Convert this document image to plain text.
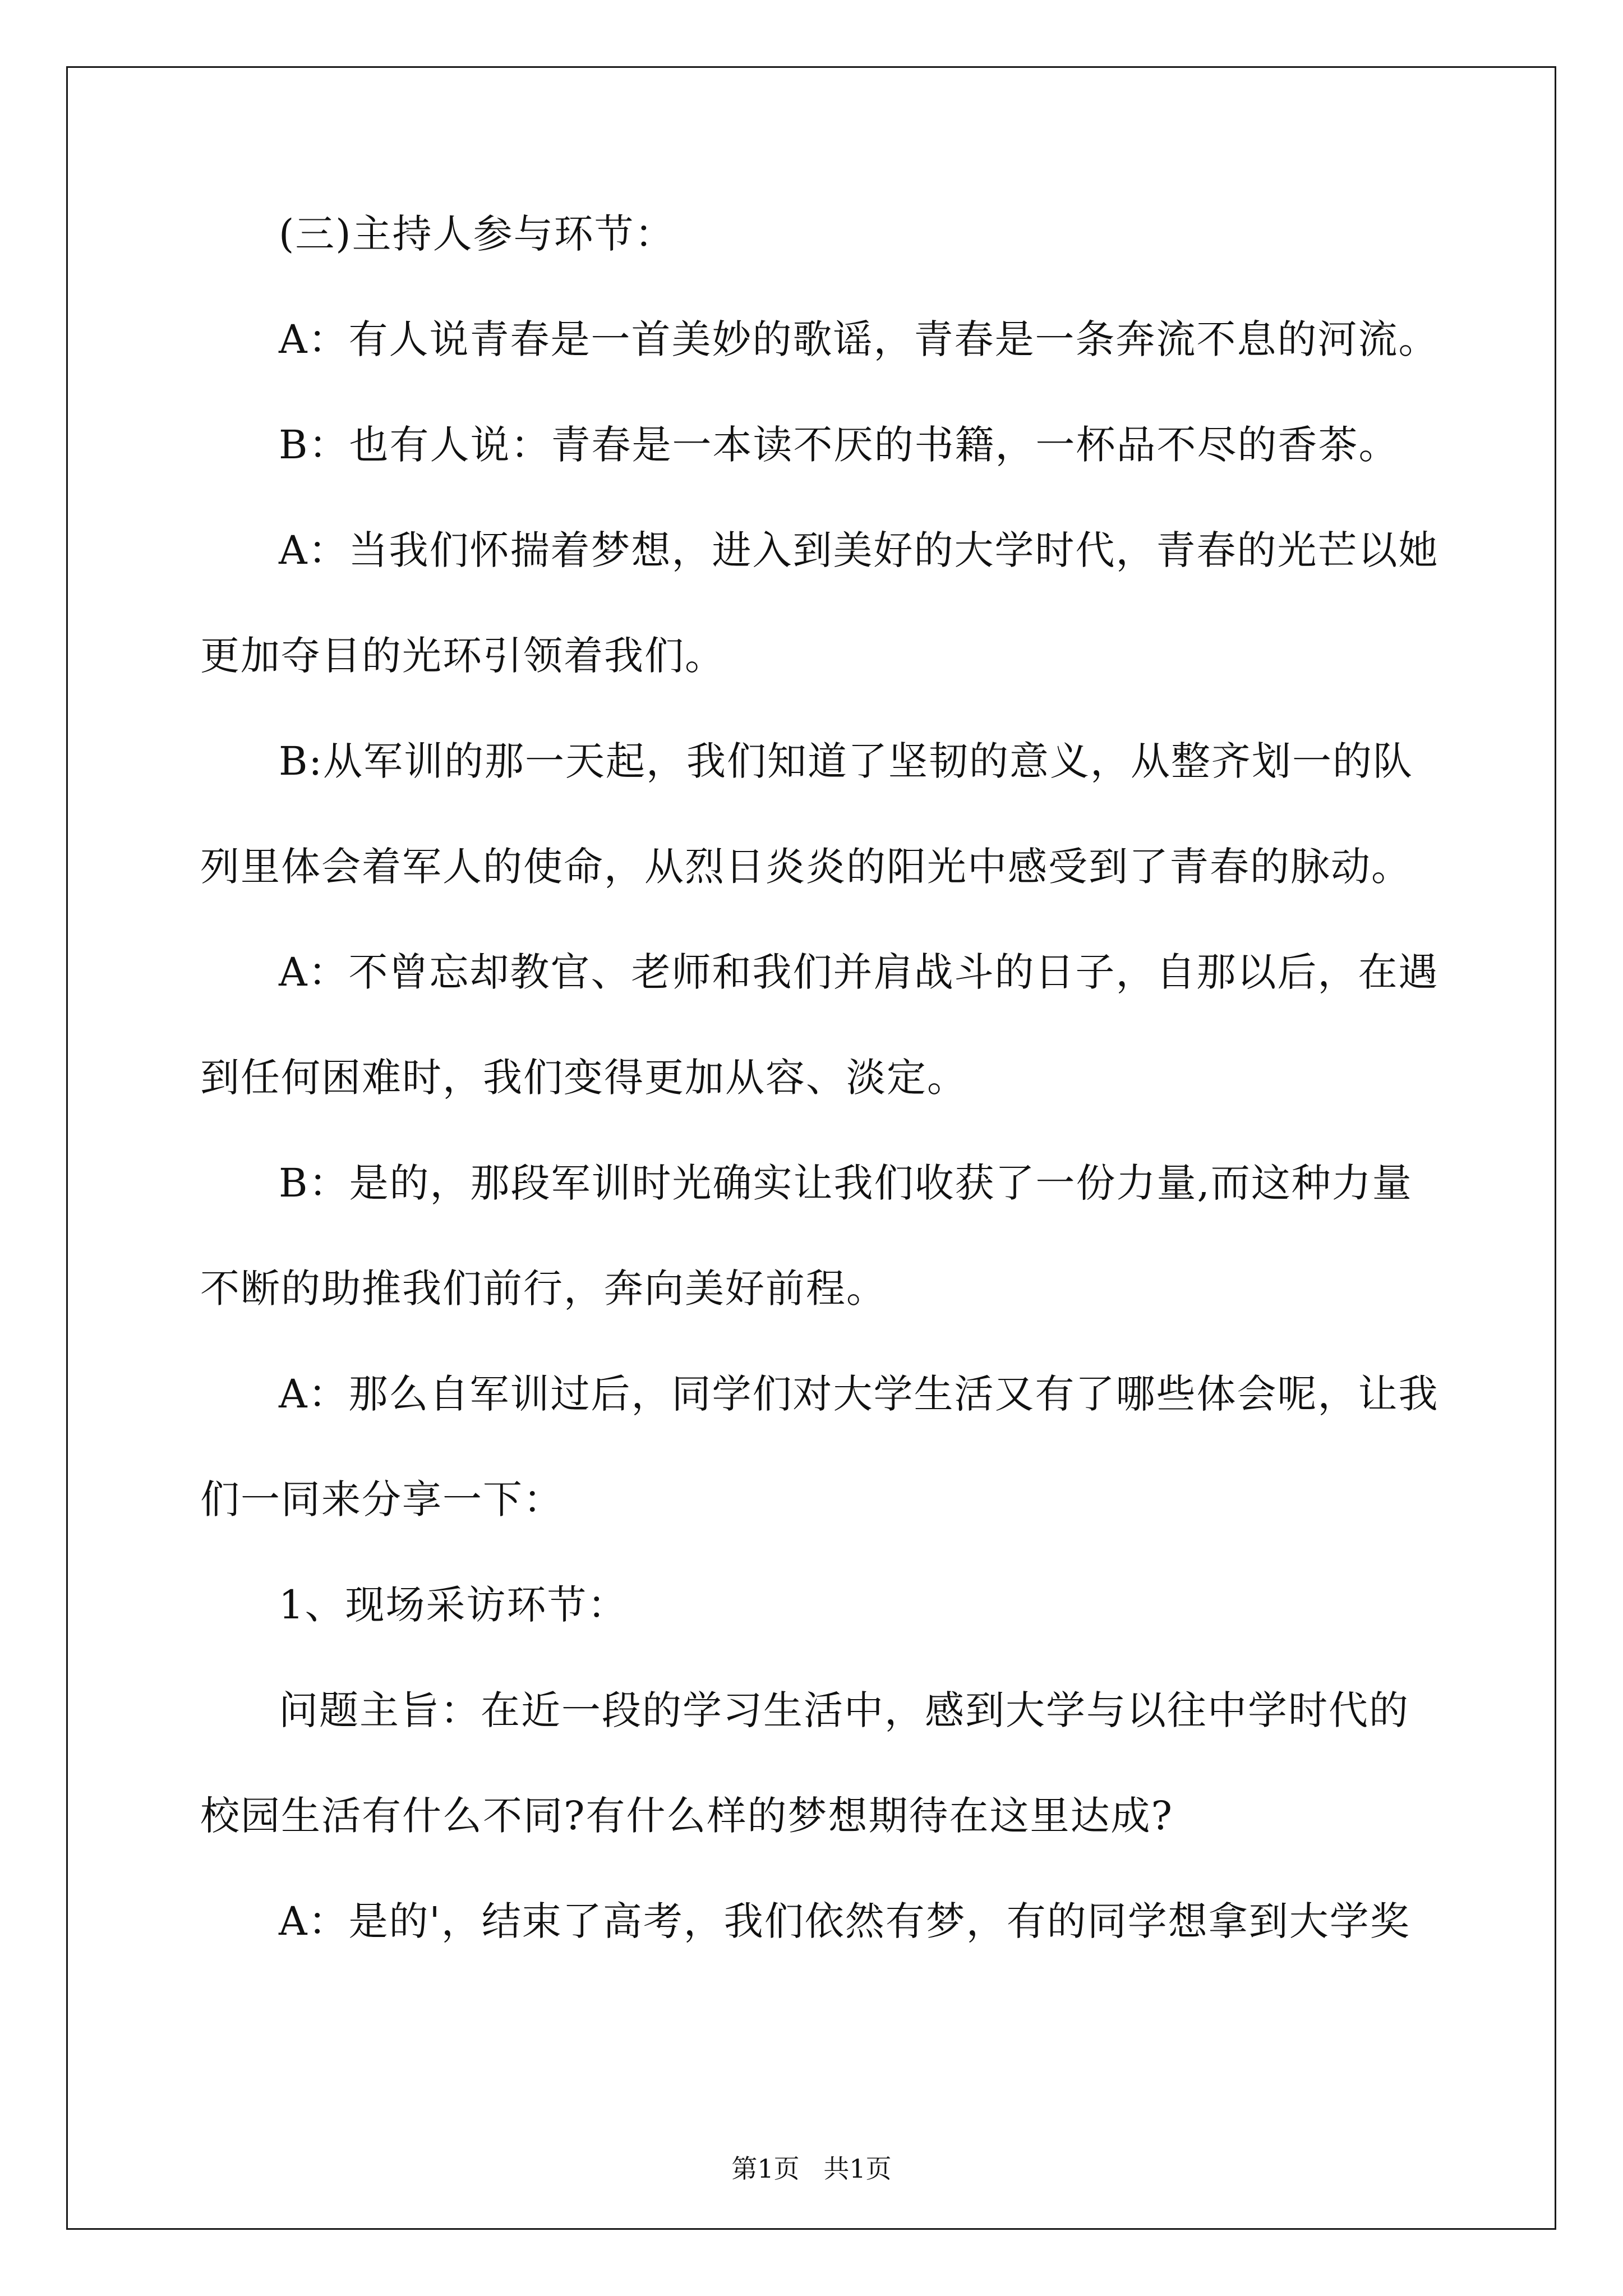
(三)主持人参与环节：
A：有人说青春是一首美妙的歌谣，青春是一条奔流不息的河流。
B：也有人说：青春是一本读不厌的书籍，一杯品不尽的香茶。
A：当我们怀揣着梦想，进入到美好的大学时代，青春的光芒以她
更加夺目的光环引领着我们。
B:从军训的那一天起，我们知道了坚韧的意义，从整齐划一的队
列里体会着军人的使命，从烈日炎炎的阳光中感受到了青春的脉动。
A：不曾忘却教官、老师和我们并肩战斗的日子，自那以后，在遇
到任何困难时，我们变得更加从容、淡定。
B：是的，那段军训时光确实让我们收获了一份力量,而这种力量
不断的助推我们前行，奔向美好前程。
A：那么自军训过后，同学们对大学生活又有了哪些体会呢，让我
们一同来分享一下：
1、现场采访环节：
问题主旨：在近一段的学习生活中，感到大学与以往中学时代的
校园生活有什么不同?有什么样的梦想期待在这里达成?
A：是的'，结束了高考，我们依然有梦，有的同学想拿到大学奖
第1页 共1页
